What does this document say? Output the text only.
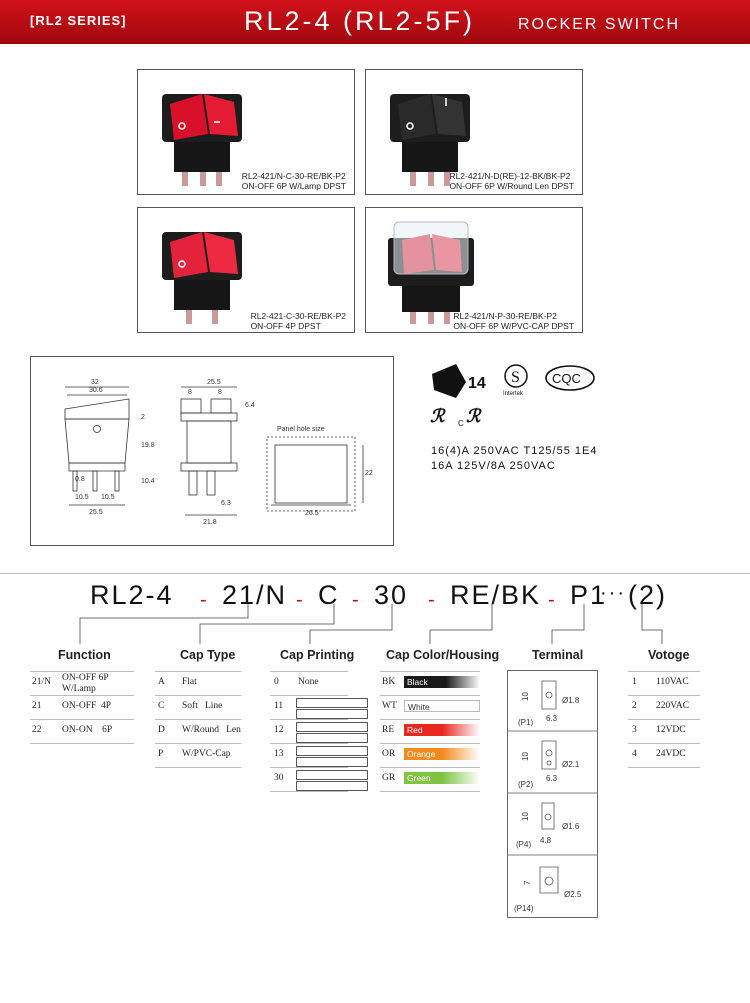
[RL2 SERIES]	RL2-4 (RL2-5F)	ROCKER SWITCH
RL2-421/N-C-30-RE/BK-P2
ON-OFF 6P W/Lamp DPST
RL2-421/N-D(RE)-12-BK/BK-P2
ON-OFF 6P W/Round Len DPST
RL2-421-C-30-RE/BK-P2
ON-OFF 4P DPST
RL2-421/N-P-30-RE/BK-P2
ON-OFF 6P W/PVC-CAP DPST
32
30.6
25.5
8	8
6.4
2
19.8
10.4
0.8
10.5 10.5
25.5
21.8
6.3
22
26.5
Panel hole size
14 S
Intertek
CQC
ℛ C ℛ
16(4)A 250VAC T125/55 1E4
16A 125V/8A 250VAC
RL2-4 - 21/N - C - 30 - RE/BK - P1
··· (2)
Function
21/N ON-OFF 6P
W/Lamp
21 ON-OFF  4P
22 ON-ON    6P
Cap Type
A Flat
C Soft   Line
D W/Round   Len
P W/PVC-Cap
Cap Printing
0 None
11
12
13
30
Cap Color/Housing
BK	Black
WT	White
RE	Red
OR	Orange
GR	Green
Terminal
(P1)
10
6.3
Ø1.8
(P2)
10
6.3
Ø2.1
(P4)
10
4.8
Ø1.6
(P14)
7
Ø2.5
Votoge
1 110VAC
2 220VAC
3 12VDC
4 24VDC
